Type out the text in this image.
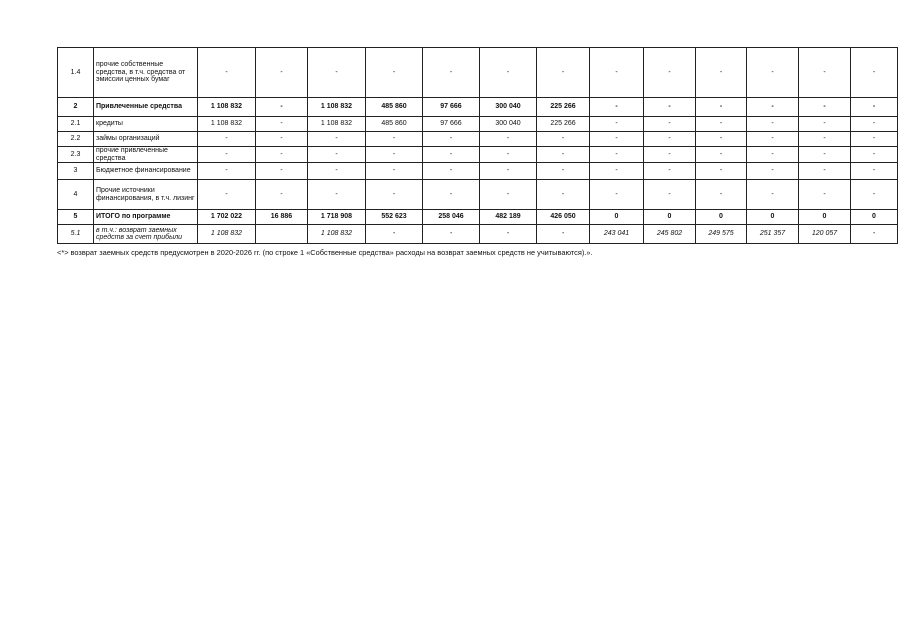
1.4	прочие собственные средства, в т.ч. средства от эмиссии ценных бумаг	-	-	-	-	-	-	-	-	-	-	-	-	-
2	Привлеченные средства	1 108 832	-	1 108 832	485 860	97 666	300 040	225 266	-	-	-	-	-	-
2.1	кредиты	1 108 832	-	1 108 832	485 860	97 666	300 040	225 266	-	-	-	-	-	-
2.2	займы организаций	-	-	-	-	-	-	-	-	-	-	-	-	-
2.3	прочие привлеченные средства	-	-	-	-	-	-	-	-	-	-	-	-	-
3	Бюджетное финансирование	-	-	-	-	-	-	-	-	-	-	-	-	-
4	Прочие источники финансирования, в т.ч. лизинг	-	-	-	-	-	-	-	-	-	-	-	-	-
5	ИТОГО по программе	1 702 022	16 886	1 718 908	552 623	258 046	482 189	426 050	0	0	0	0	0	0
5.1	в т.ч.: возврат заемных средств за счет прибыли	1 108 832		1 108 832	-	-	-	-	243 041	245 802	249 575	251 357	120 057	-
<*> возврат заемных средств предусмотрен в 2020-2026 гг. (по строке 1 «Собственные средства» расходы на возврат заемных средств не учитываются).».
